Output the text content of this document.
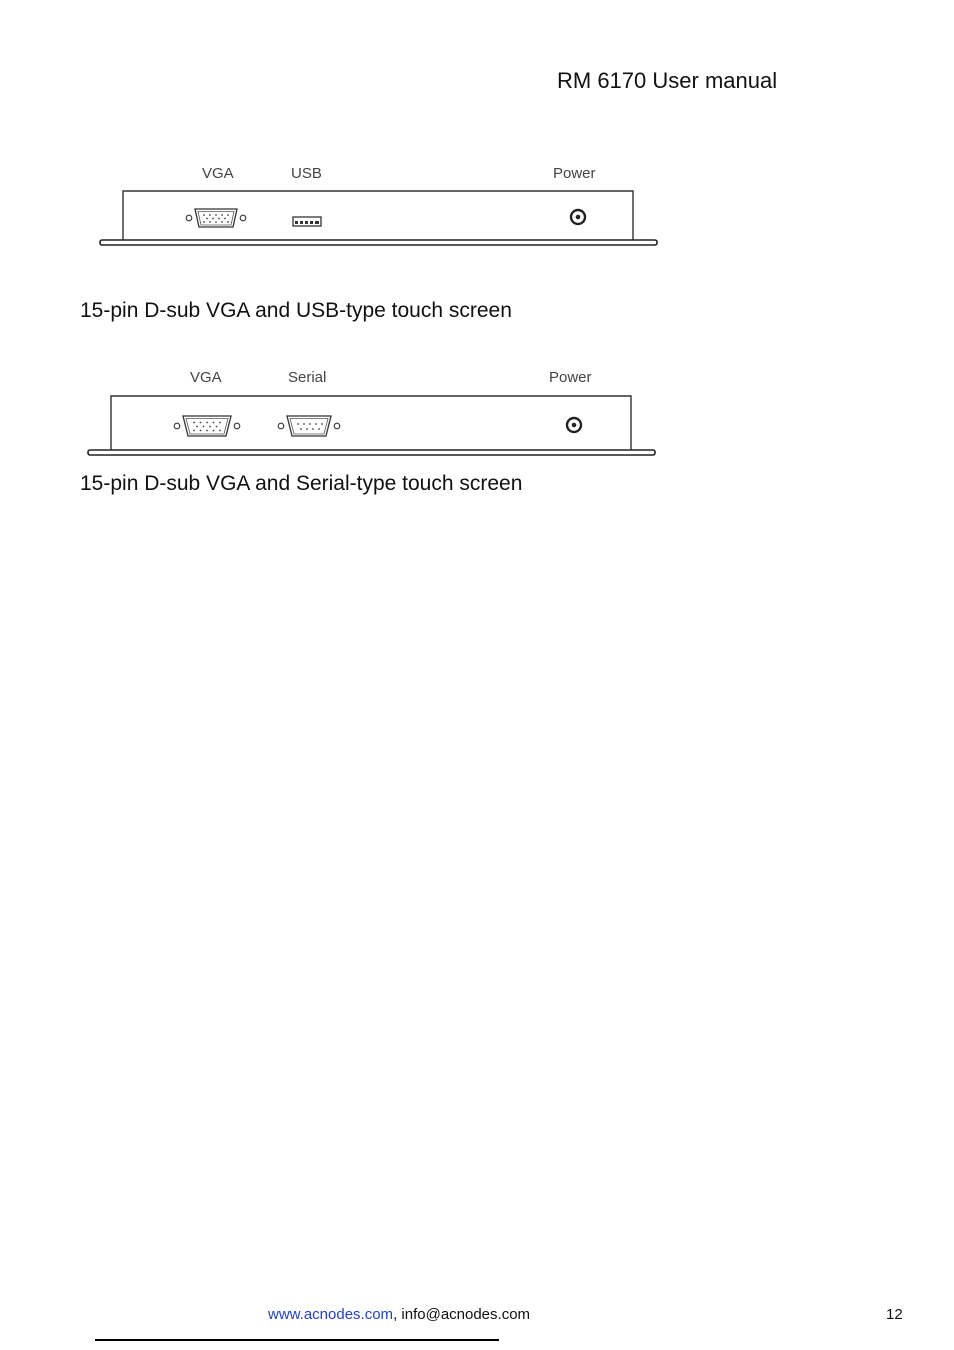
RM 6170 User manual
VGA	USB	Power
15-pin D-sub VGA and USB-type touch screen
VGA	Serial	Power
15-pin D-sub VGA and Serial-type touch screen
www.acnodes.com, info@acnodes.com	12
